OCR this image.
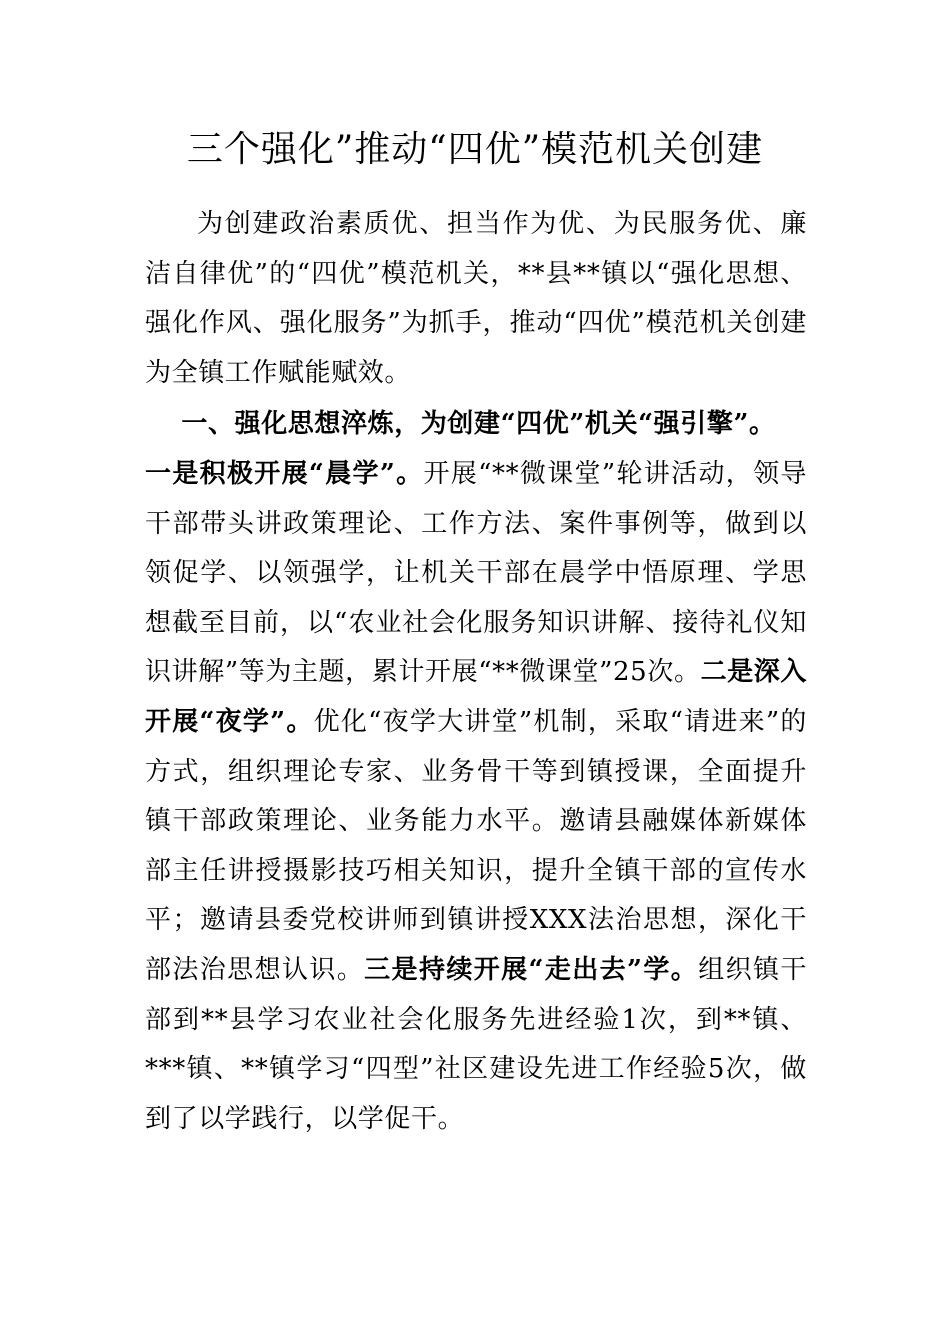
三个强化”推动“四优”模范机关创建

为创建政治素质优、担当作为优、为民服务优、廉洁自律优”的“四优”模范机关，**县**镇以“强化思想、强化作风、强化服务”为抓手，推动“四优”模范机关创建为全镇工作赋能赋效。

一、强化思想淬炼，为创建“四优”机关“强引擎”。

一是积极开展“晨学”。开展“**微课堂”轮讲活动，领导干部带头讲政策理论、工作方法、案件事例等，做到以领促学、以领强学，让机关干部在晨学中悟原理、学思想截至目前，以“农业社会化服务知识讲解、接待礼仪知识讲解”等为主题，累计开展“**微课堂”25次。二是深入开展“夜学”。优化“夜学大讲堂”机制，采取“请进来”的方式，组织理论专家、业务骨干等到镇授课，全面提升镇干部政策理论、业务能力水平。邀请县融媒体新媒体部主任讲授摄影技巧相关知识，提升全镇干部的宣传水平；邀请县委党校讲师到镇讲授XXX法治思想，深化干部法治思想认识。三是持续开展“走出去”学。组织镇干部到**县学习农业社会化服务先进经验1次，到**镇、***镇、**镇学习“四型”社区建设先进工作经验5次，做到了以学践行，以学促干。
